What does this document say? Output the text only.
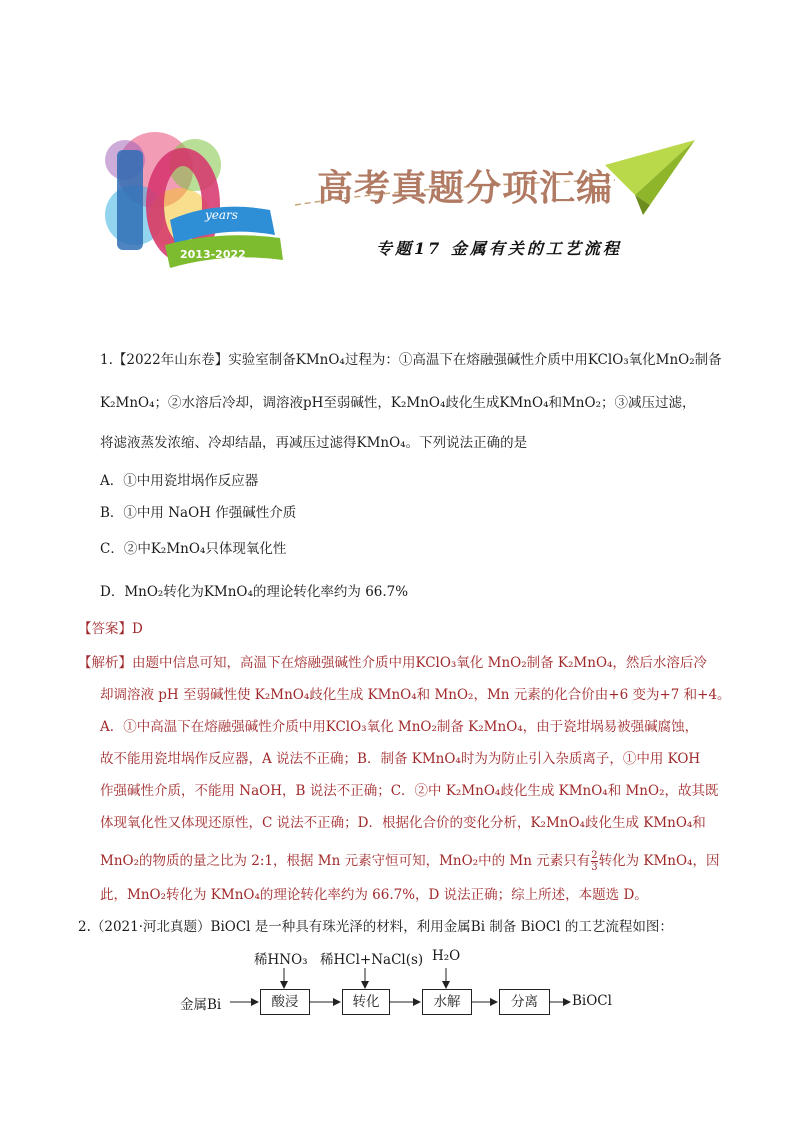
高考真题分项汇编
years
2013-2022	专题17 金属有关的工艺流程
1.【2022年山东卷】实验室制备KMnO₄过程为：①高温下在熔融强碱性介质中用KClO₃氧化MnO₂制备
K₂MnO₄；②水溶后冷却，调溶液pH至弱碱性，K₂MnO₄歧化生成KMnO₄和MnO₂；③减压过滤，
将滤液蒸发浓缩、冷却结晶，再减压过滤得KMnO₄。下列说法正确的是
A．①中用瓷坩埚作反应器
B．①中用 NaOH 作强碱性介质
C．②中K₂MnO₄只体现氧化性
D．MnO₂转化为KMnO₄的理论转化率约为 66.7%
【答案】D
【解析】由题中信息可知，高温下在熔融强碱性介质中用KClO₃氧化 MnO₂制备 K₂MnO₄，然后水溶后冷
却调溶液 pH 至弱碱性使 K₂MnO₄歧化生成 KMnO₄和 MnO₂，Mn 元素的化合价由+6 变为+7 和+4。
A．①中高温下在熔融强碱性介质中用KClO₃氧化 MnO₂制备 K₂MnO₄，由于瓷坩埚易被强碱腐蚀，
故不能用瓷坩埚作反应器，A 说法不正确；B．制备 KMnO₄时为为防止引入杂质离子，①中用 KOH
作强碱性介质，不能用 NaOH，B 说法不正确；C．②中 K₂MnO₄歧化生成 KMnO₄和 MnO₂，故其既
体现氧化性又体现还原性，C 说法不正确；D．根据化合价的变化分析，K₂MnO₄歧化生成 KMnO₄和
MnO₂的物质的量之比为 2:1，根据 Mn 元素守恒可知，MnO₂中的 Mn 元素只有 $\frac{2}{3}$ 转化为 KMnO₄，因
此，MnO₂转化为 KMnO₄的理论转化率约为 66.7%，D 说法正确；综上所述，本题选 D。
2.（2021·河北真题）BiOCl 是一种具有珠光泽的材料，利用金属Bi 制备 BiOCl 的工艺流程如图：
金属Bi	酸浸	转化	水解	分离	BiOCl
稀HNO₃ 稀HCl+NaCl(s) H₂O
